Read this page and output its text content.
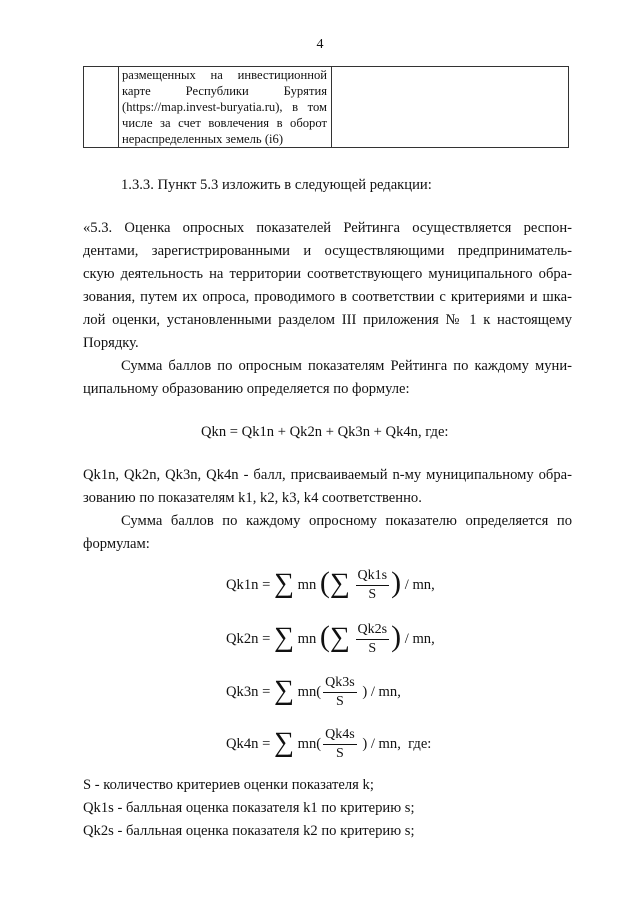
4

размещенных на инвестиционной
карте Республики Бурятия
(https://map.invest-buryatia.ru), в том
числе за счет вовлечения в оборот
нераспределенных земель (i6)

1.3.3. Пункт 5.3 изложить в следующей редакции:
«5.3. Оценка опросных показателей Рейтинга осуществляется респон-
дентами, зарегистрированными и осуществляющими предприниматель-
скую деятельность на территории соответствующего муниципального обра-
зования, путем их опроса, проводимого в соответствии с критериями и шка-
лой оценки, установленными разделом III приложения № 1 к настоящему
Порядку.
Сумма баллов по опросным показателям Рейтинга по каждому муни-
ципальному образованию определяется по формуле:
Qkn = Qk1n + Qk2n + Qk3n + Qk4n, где:
Qk1n, Qk2n, Qk3n, Qk4n - балл, присваиваемый n-му муниципальному обра-
зованию по показателям k1, k2, k3, k4 соответственно.
Сумма баллов по каждому опросному показателю определяется по
формулам:
Qk1n = ∑ mn (∑ $\frac{Qk1s}{S}$ ) / mn,
Qk2n = ∑ mn (∑ $\frac{Qk2s}{S}$ ) / mn,
Qk3n = ∑ $mn( \frac{Qk3s}{S}$ ) / mn,
Qk4n = ∑ $mn( \frac{Qk4s}{S}$ ) / mn,  где:
S - количество критериев оценки показателя k;
Qk1s - балльная оценка показателя k1 по критерию s;
Qk2s - балльная оценка показателя k2 по критерию s;
